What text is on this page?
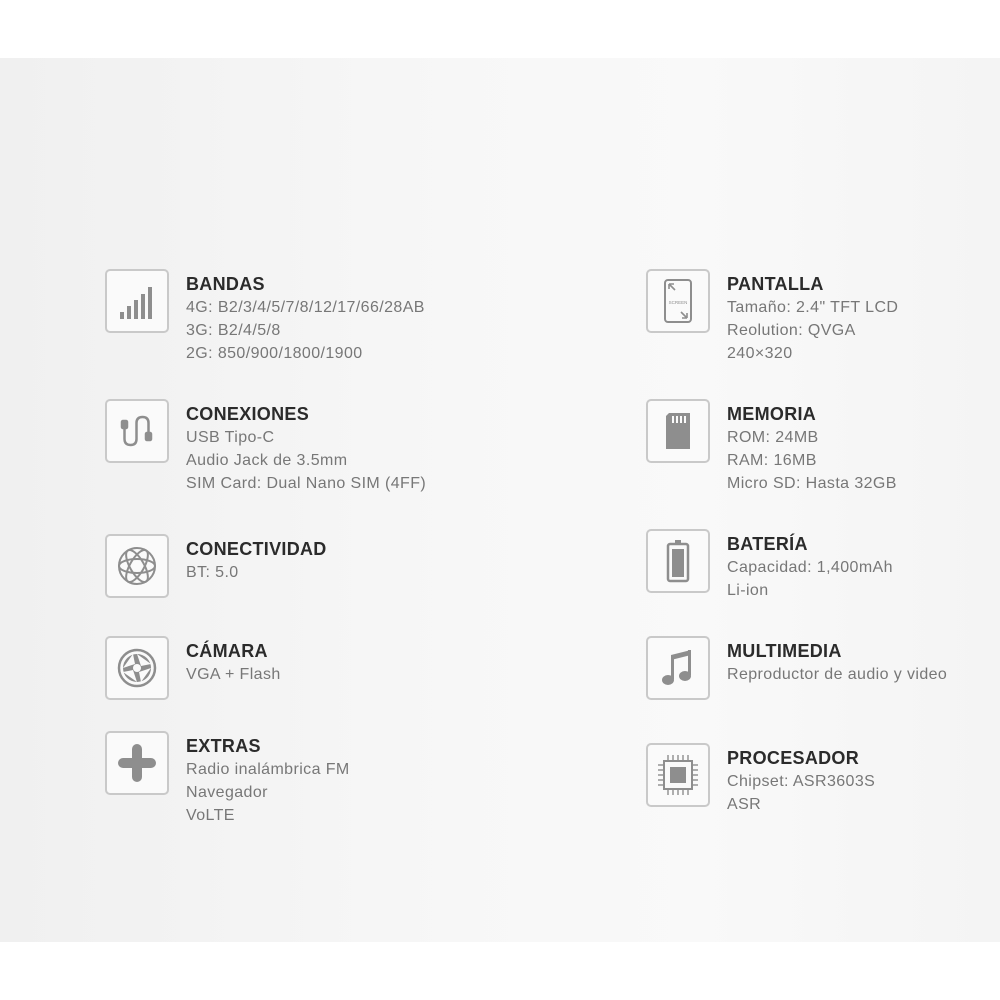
BANDAS
4G: B2/3/4/5/7/8/12/17/66/28AB
3G: B2/4/5/8
2G: 850/900/1800/1900
CONEXIONES
USB Tipo-C
Audio Jack de 3.5mm
SIM Card: Dual Nano SIM (4FF)
CONECTIVIDAD
BT: 5.0
CÁMARA
VGA + Flash
EXTRAS
Radio inalámbrica FM
Navegador
VoLTE
SCREEN
PANTALLA
Tamaño: 2.4" TFT LCD
Reolution: QVGA
240×320
MEMORIA
ROM: 24MB
RAM: 16MB
Micro SD: Hasta 32GB
BATERÍA
Capacidad: 1,400mAh
Li-ion
MULTIMEDIA
Reproductor de audio y video
PROCESADOR
Chipset: ASR3603S
ASR
